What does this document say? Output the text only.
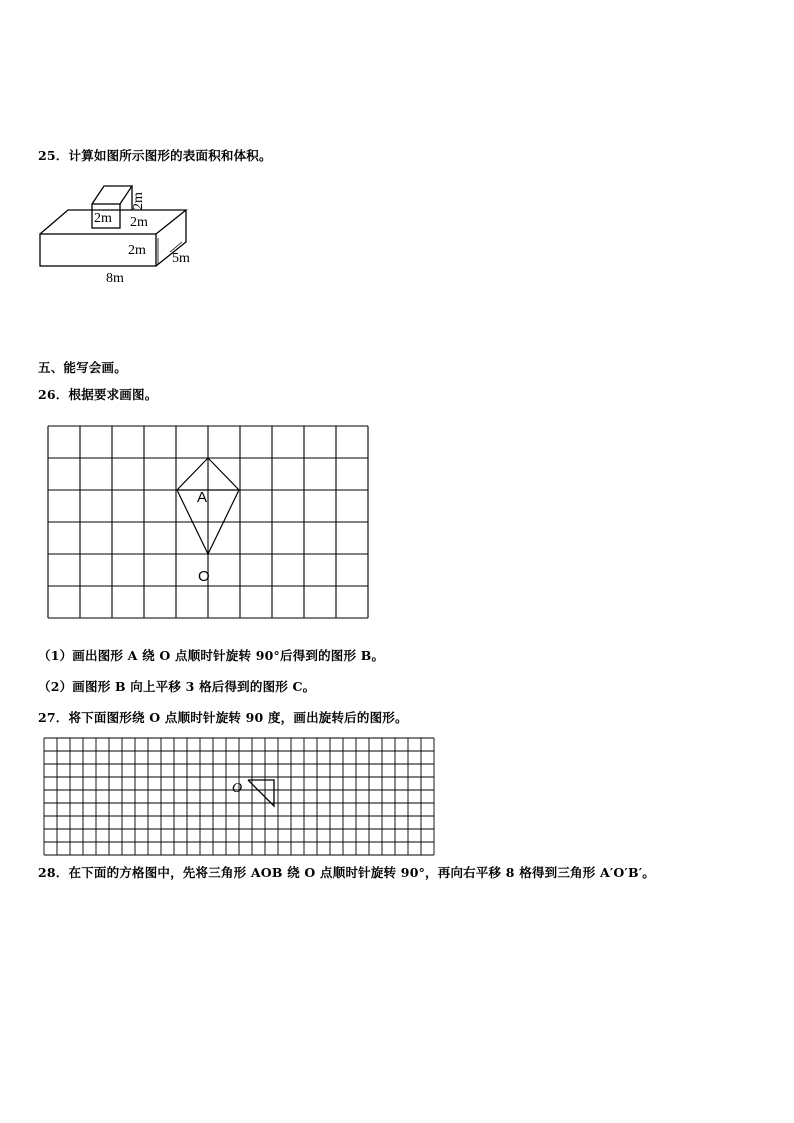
25．计算如图所示图形的表面积和体积。
2m
2m
2m
2m
5m
8m
五、能写会画。
26．根据要求画图。
A
O
（1）画出图形 A 绕 O 点顺时针旋转 90°后得到的图形 B。
（2）画图形 B 向上平移 3 格后得到的图形 C。
27．将下面图形绕 O 点顺时针旋转 90 度，画出旋转后的图形。
O
28．在下面的方格图中，先将三角形 AOB 绕 O 点顺时针旋转 90°，再向右平移 8 格得到三角形 A′O′B′。
